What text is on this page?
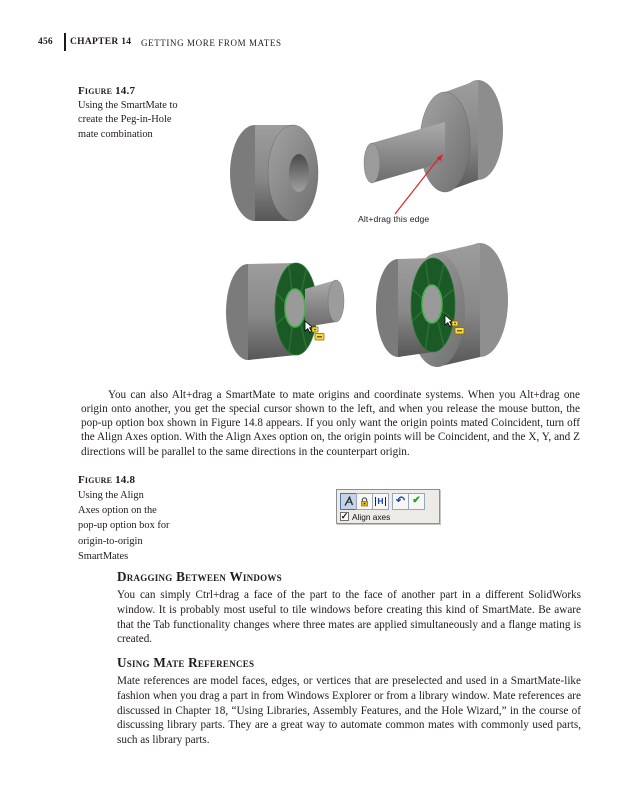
456 CHAPTER 14 GETTING MORE FROM MATES
Figure 14.7
Using the SmartMate to
create the Peg-in-Hole
mate combination
Alt+drag this edge

You can also Alt+drag a SmartMate to mate origins and coordinate systems. When you Alt+drag one origin onto another, you get the special cursor shown to the left, and when you release the mouse button, the pop-up option box shown in Figure 14.8 appears. If you only want the origin points mated Coincident, turn off the Align Axes option. With the Align Axes option on, the origin points will be Coincident, and the X, Y, and Z directions will be parallel to the same directions in the counterpart origin.

Figure 14.8
Using the Align
Axes option on the
pop-up option box for
origin-to-origin
SmartMates
H ↶ ✔
✓ Align axes
Dragging Between Windows

You can simply Ctrl+drag a face of the part to the face of another part in a different SolidWorks window. It is probably most useful to tile windows before creating this kind of SmartMate. Be aware that the Tab functionality changes where three mates are applied simultaneously and a flange mating is created.

Using Mate References

Mate references are model faces, edges, or vertices that are preselected and used in a SmartMate-like fashion when you drag a part in from Windows Explorer or from a library window. Mate references are discussed in Chapter 18, “Using Libraries, Assembly Features, and the Hole Wizard,” in the course of discussing library parts. They are a great way to automate common mates with commonly used parts, such as library parts.
